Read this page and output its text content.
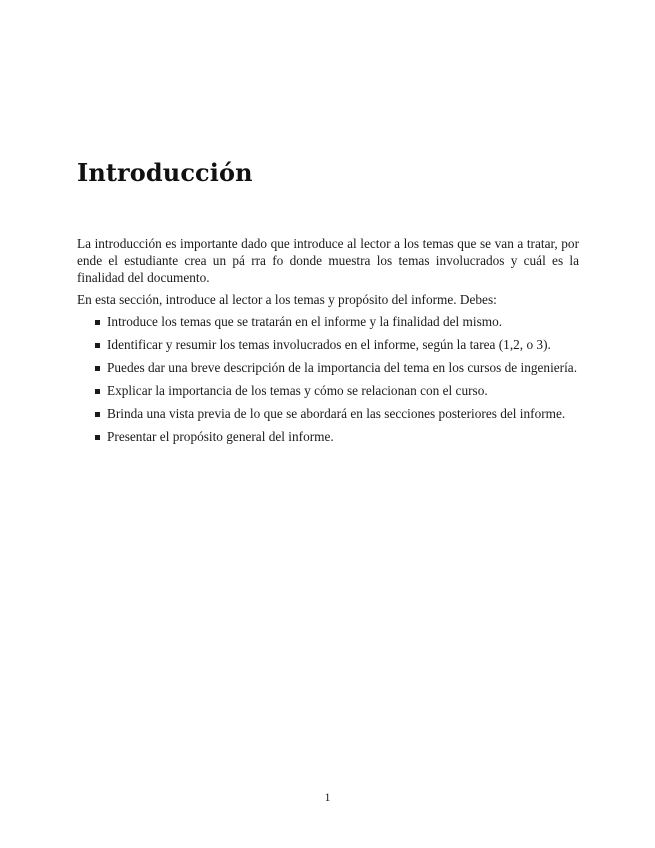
Introducción

La introducción es importante dado que introduce al lector a los temas que se van a tratar, por ende el estudiante crea un pá rra fo donde muestra los temas involucrados y cuál es la finalidad del documento.

En esta sección, introduce al lector a los temas y propósito del informe. Debes:

Introduce los temas que se tratarán en el informe y la finalidad del mismo.
Identificar y resumir los temas involucrados en el informe, según la tarea (1,2, o 3).
Puedes dar una breve descripción de la importancia del tema en los cursos de ingeniería.
Explicar la importancia de los temas y cómo se relacionan con el curso.
Brinda una vista previa de lo que se abordará en las secciones posteriores del informe.
Presentar el propósito general del informe.
1
